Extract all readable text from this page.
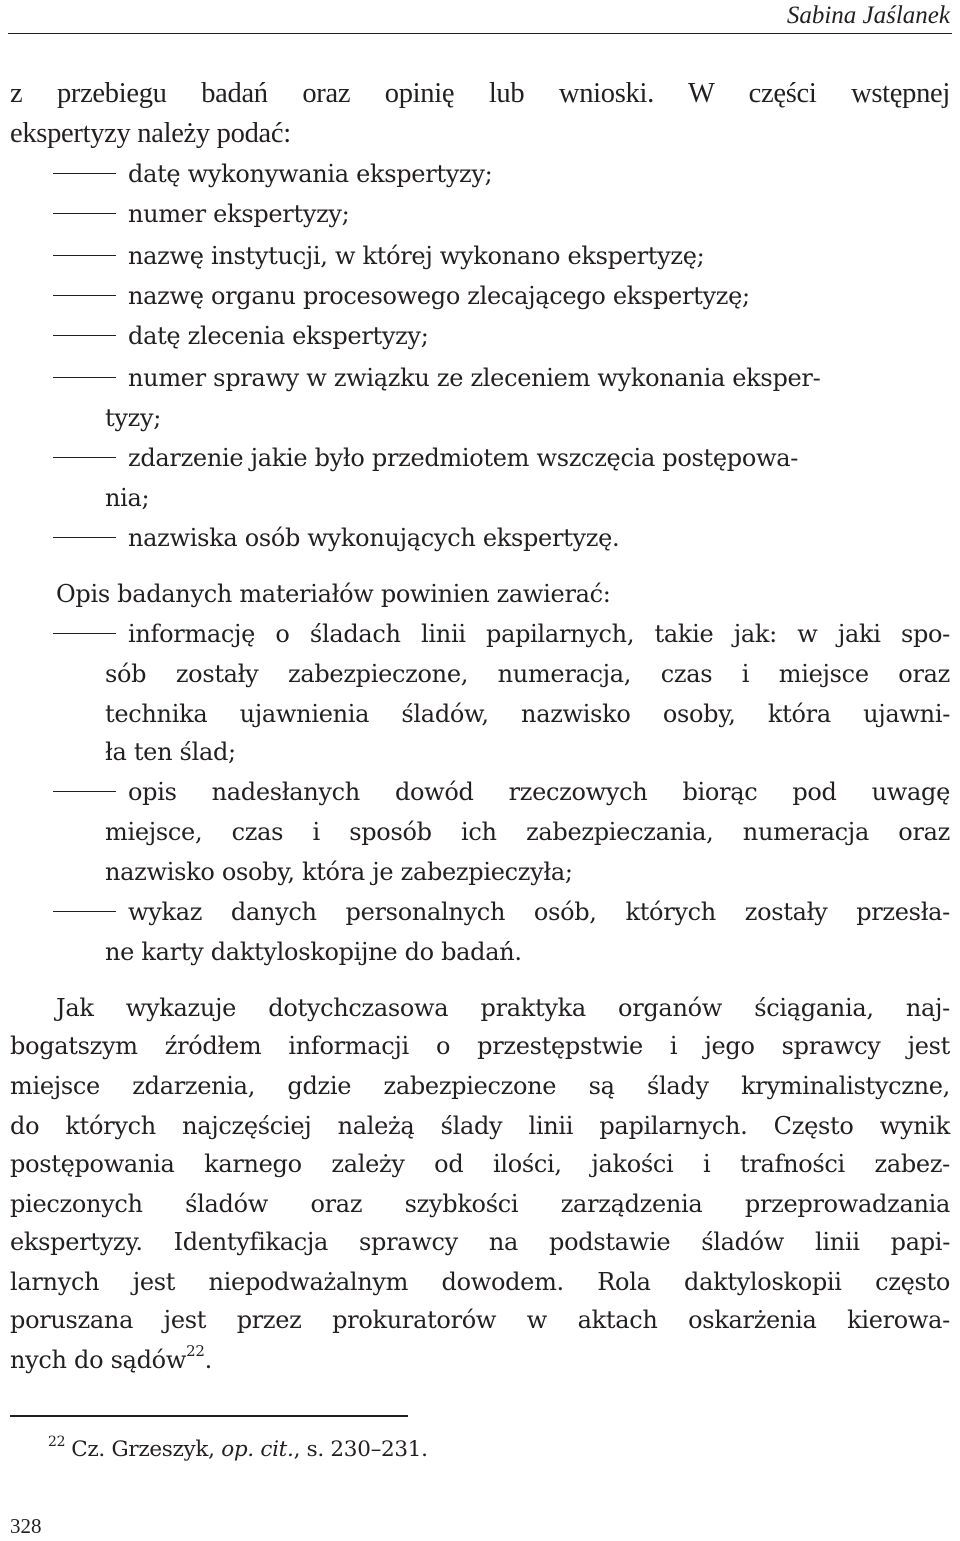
Sabina Jaślanek
z przebiegu badań oraz opinię lub wnioski. W części wstępnej
ekspertyzy należy podać:
datę wykonywania ekspertyzy;
numer ekspertyzy;
nazwę instytucji, w której wykonano ekspertyzę;
nazwę organu procesowego zlecającego ekspertyzę;
datę zlecenia ekspertyzy;
numer sprawy w związku ze zleceniem wykonania eksper-
tyzy;
zdarzenie jakie było przedmiotem wszczęcia postępowa-
nia;
nazwiska osób wykonujących ekspertyzę.
Opis badanych materiałów powinien zawierać:
informację o śladach linii papilarnych, takie jak: w jaki spo-
sób zostały zabezpieczone, numeracja, czas i miejsce oraz
technika ujawnienia śladów, nazwisko osoby, która ujawni-
ła ten ślad;
opis nadesłanych dowód rzeczowych biorąc pod uwagę
miejsce, czas i sposób ich zabezpieczania, numeracja oraz
nazwisko osoby, która je zabezpieczyła;
wykaz danych personalnych osób, których zostały przesła-
ne karty daktyloskopijne do badań.
Jak wykazuje dotychczasowa praktyka organów ściągania, naj-
bogatszym źródłem informacji o przestępstwie i jego sprawcy jest
miejsce zdarzenia, gdzie zabezpieczone są ślady kryminalistyczne,
do których najczęściej należą ślady linii papilarnych. Często wynik
postępowania karnego zależy od ilości, jakości i trafności zabez-
pieczonych śladów oraz szybkości zarządzenia przeprowadzania
ekspertyzy. Identyfikacja sprawcy na podstawie śladów linii papi-
larnych jest niepodważalnym dowodem. Rola daktyloskopii często
poruszana jest przez prokuratorów w aktach oskarżenia kierowa-
nych do sądów$^{22}$.
$^{22}$ Cz. Grzeszyk, op. cit., s. 230–231.
328
